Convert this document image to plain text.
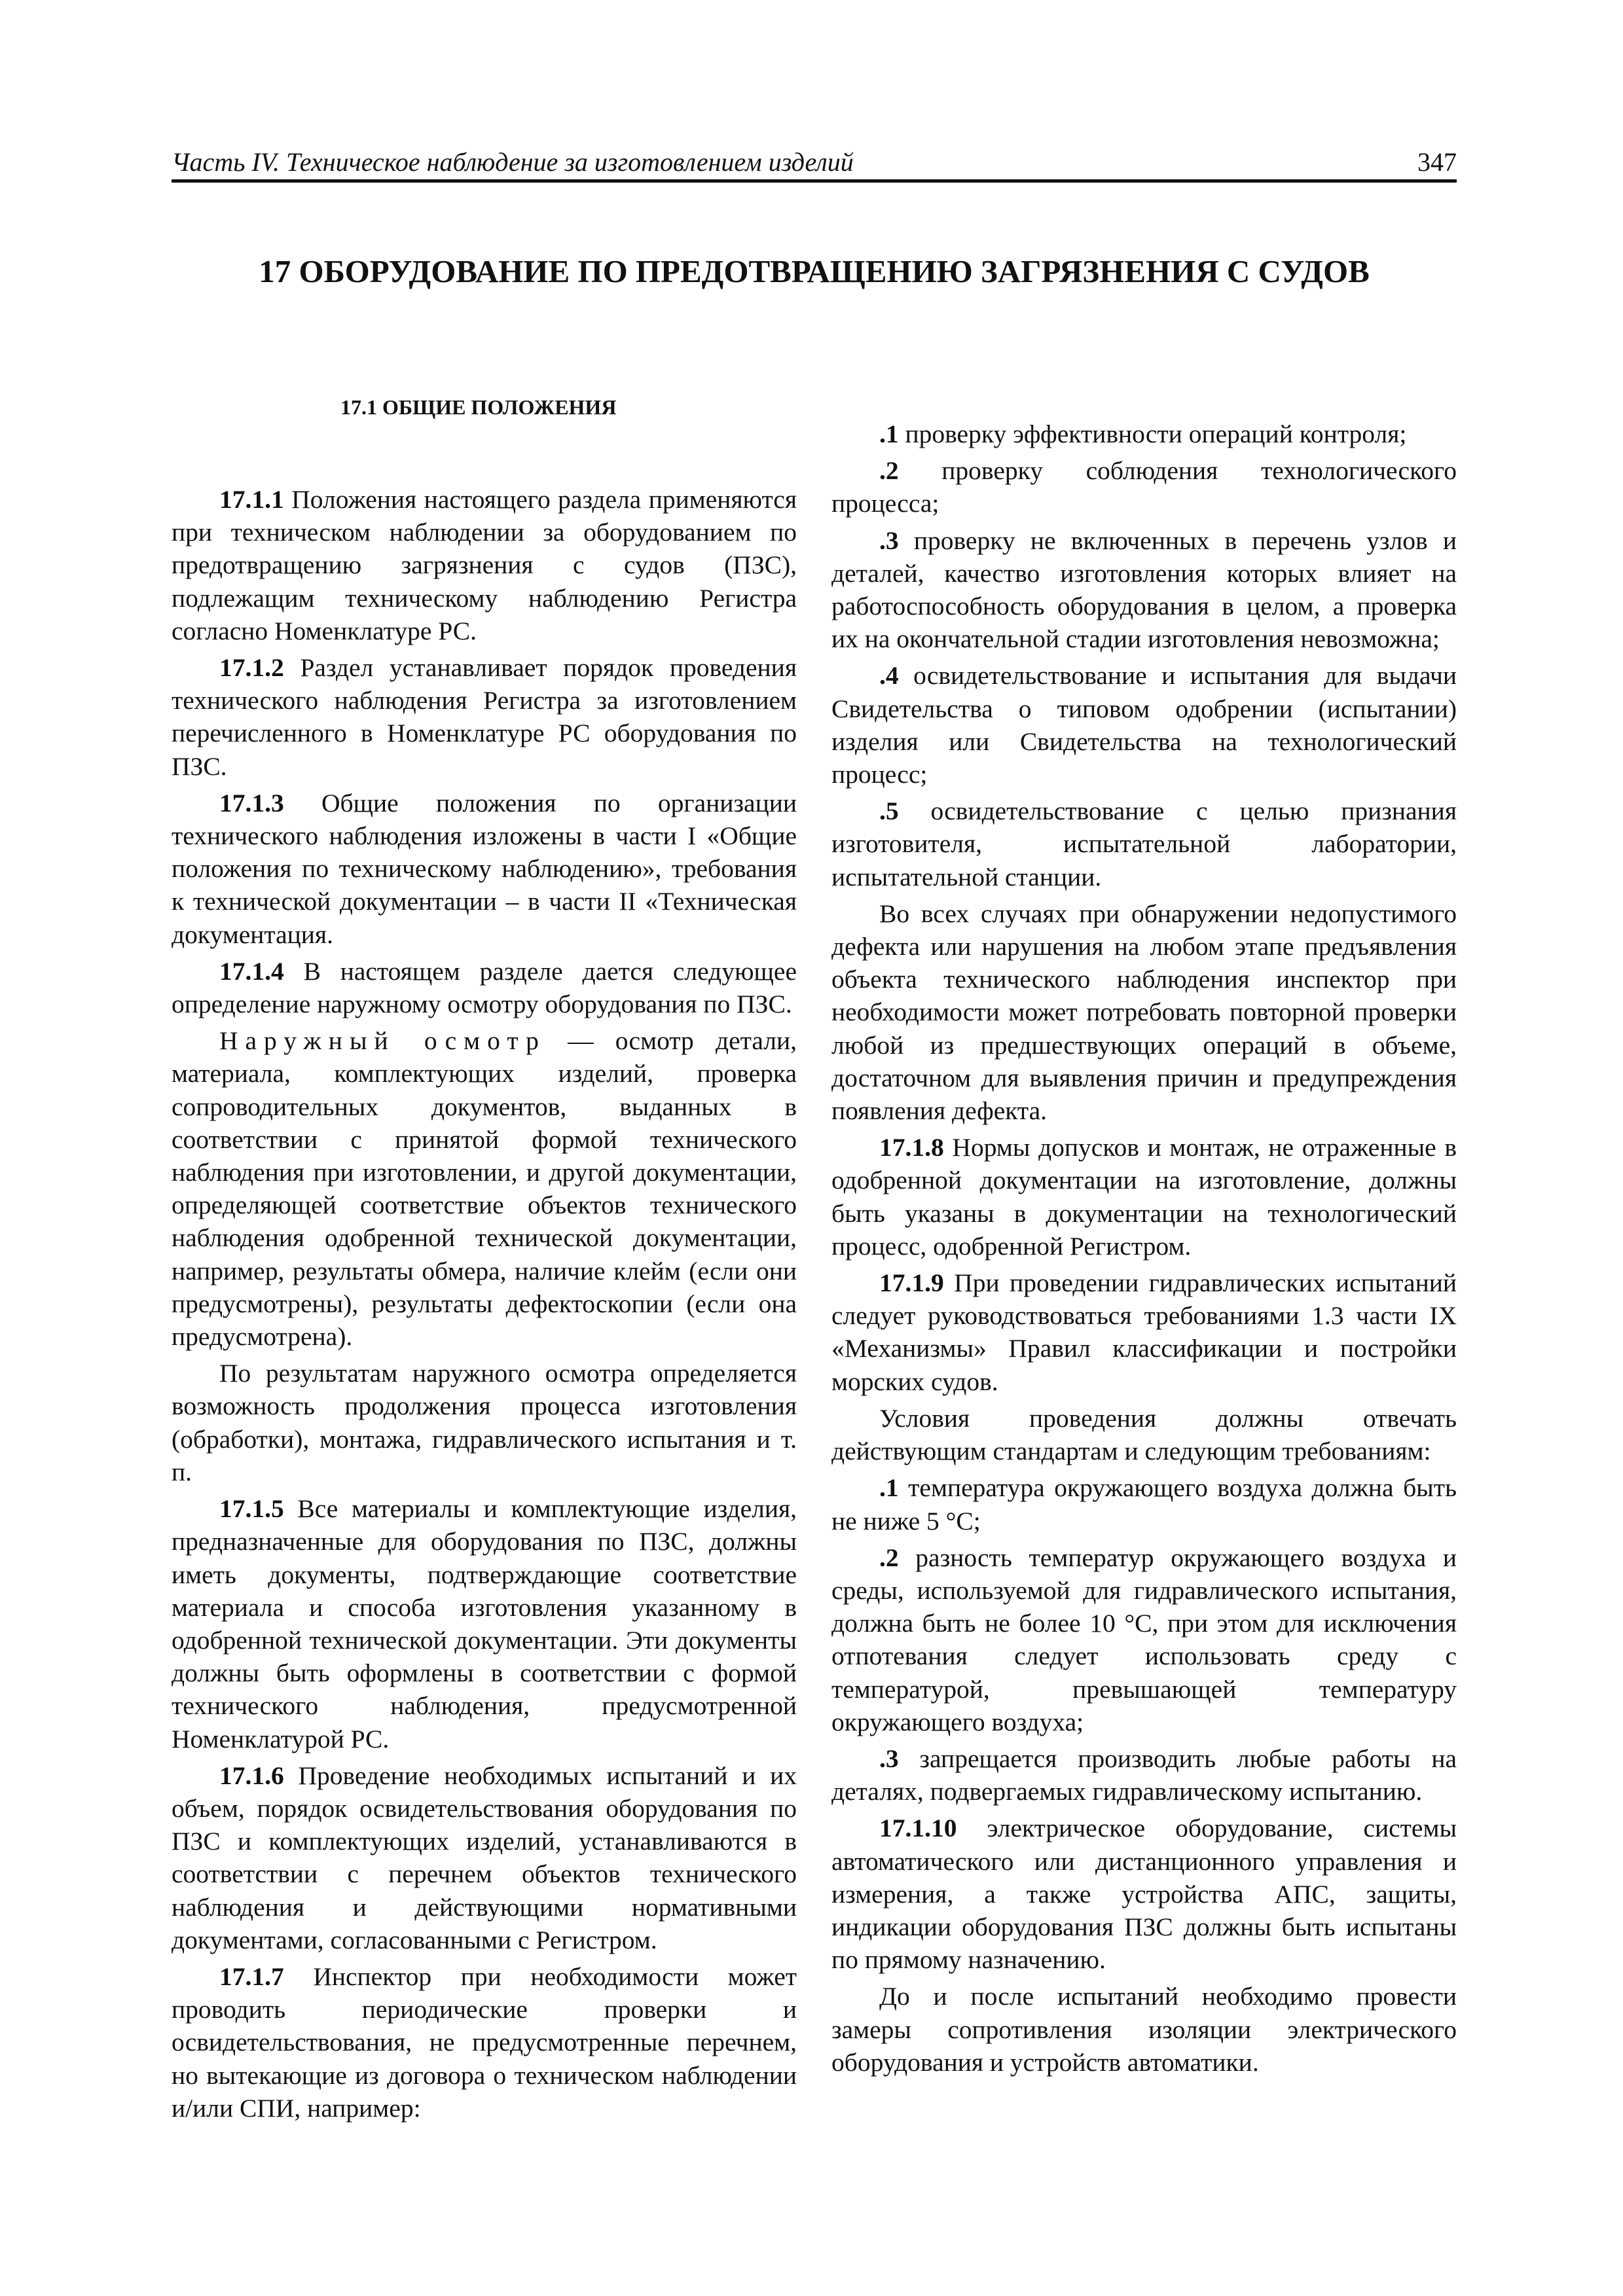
Часть IV. Техническое наблюдение за изготовлением изделий	347
17 ОБОРУДОВАНИЕ ПО ПРЕДОТВРАЩЕНИЮ ЗАГРЯЗНЕНИЯ С СУДОВ
17.1 ОБЩИЕ ПОЛОЖЕНИЯ

17.1.1 Положения настоящего раздела применяются при техническом наблюдении за оборудованием по предотвращению загрязнения с судов (ПЗС), подлежащим техническому наблюдению Регистра согласно Номенклатуре РС.

17.1.2 Раздел устанавливает порядок проведения технического наблюдения Регистра за изготовлением перечисленного в Номенклатуре РС оборудования по ПЗС.

17.1.3 Общие положения по организации технического наблюдения изложены в части I «Общие положения по техническому наблюдению», требования к технической документации – в части II «Техническая документация.

17.1.4 В настоящем разделе дается следующее определение наружному осмотру оборудования по ПЗС.

Наружный осмотр — осмотр детали, материала, комплектующих изделий, проверка сопроводительных документов, выданных в соответствии с принятой формой технического наблюдения при изготовлении, и другой документации, определяющей соответствие объектов технического наблюдения одобренной технической документации, например, результаты обмера, наличие клейм (если они предусмотрены), результаты дефектоскопии (если она предусмотрена).

По результатам наружного осмотра определяется возможность продолжения процесса изготовления (обработки), монтажа, гидравлического испытания и т. п.

17.1.5 Все материалы и комплектующие изделия, предназначенные для оборудования по ПЗС, должны иметь документы, подтверждающие соответствие материала и способа изготовления указанному в одобренной технической документации. Эти документы должны быть оформлены в соответствии с формой технического наблюдения, предусмотренной Номенклатурой РС.

17.1.6 Проведение необходимых испытаний и их объем, порядок освидетельствования оборудования по ПЗС и комплектующих изделий, устанавливаются в соответствии с перечнем объектов технического наблюдения и действующими нормативными документами, согласованными с Регистром.

17.1.7 Инспектор при необходимости может проводить периодические проверки и освидетельствования, не предусмотренные перечнем, но вытекающие из договора о техническом наблюдении и/или СПИ, например:

.1 проверку эффективности операций контроля;

.2 проверку соблюдения технологического процесса;

.3 проверку не включенных в перечень узлов и деталей, качество изготовления которых влияет на работоспособность оборудования в целом, а проверка их на окончательной стадии изготовления невозможна;

.4 освидетельствование и испытания для выдачи Свидетельства о типовом одобрении (испытании) изделия или Свидетельства на технологический процесс;

.5 освидетельствование с целью признания изготовителя, испытательной лаборатории, испытательной станции.

Во всех случаях при обнаружении недопустимого дефекта или нарушения на любом этапе предъявления объекта технического наблюдения инспектор при необходимости может потребовать повторной проверки любой из предшествующих операций в объеме, достаточном для выявления причин и предупреждения появления дефекта.

17.1.8 Нормы допусков и монтаж, не отраженные в одобренной документации на изготовление, должны быть указаны в документации на технологический процесс, одобренной Регистром.

17.1.9 При проведении гидравлических испытаний следует руководствоваться требованиями 1.3 части IX «Механизмы» Правил классификации и постройки морских судов.

Условия проведения должны отвечать действующим стандартам и следующим требованиям:

.1 температура окружающего воздуха должна быть не ниже 5 °С;

.2 разность температур окружающего воздуха и среды, используемой для гидравлического испытания, должна быть не более 10 °С, при этом для исключения отпотевания следует использовать среду с температурой, превышающей температуру окружающего воздуха;

.3 запрещается производить любые работы на деталях, подвергаемых гидравлическому испытанию.

17.1.10 электрическое оборудование, системы автоматического или дистанционного управления и измерения, а также устройства АПС, защиты, индикации оборудования ПЗС должны быть испытаны по прямому назначению.

До и после испытаний необходимо провести замеры сопротивления изоляции электрического оборудования и устройств автоматики.
